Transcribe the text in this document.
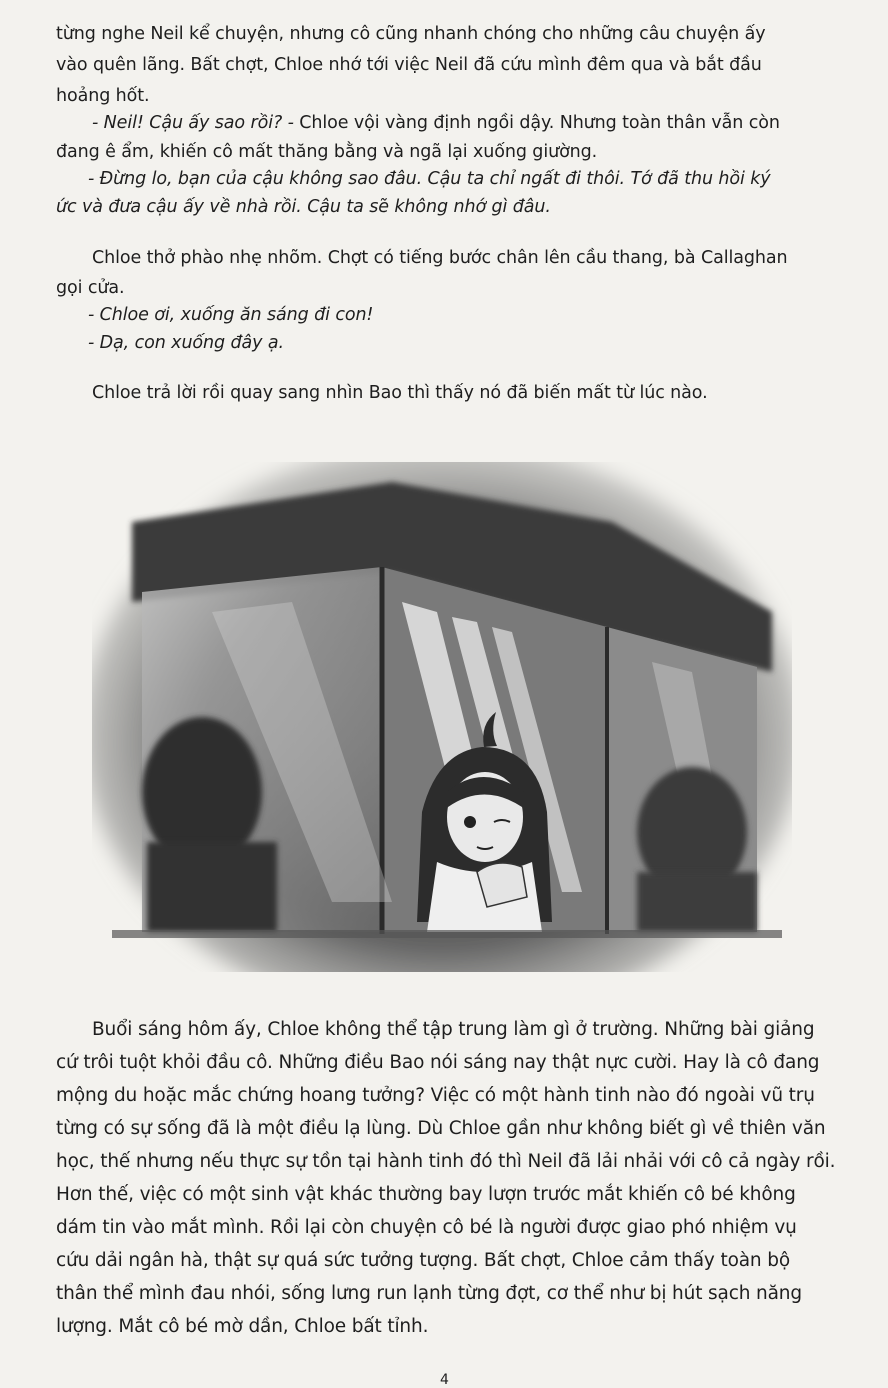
từng nghe Neil kể chuyện, nhưng cô cũng nhanh chóng cho những câu chuyện ấy
vào quên lãng. Bất chợt, Chloe nhớ tới việc Neil đã cứu mình đêm qua và bắt đầu
hoảng hốt.
- Neil! Cậu ấy sao rồi? - Chloe vội vàng định ngồi dậy. Nhưng toàn thân vẫn còn
đang ê ẩm, khiến cô mất thăng bằng và ngã lại xuống giường.
- Đừng lo, bạn của cậu không sao đâu. Cậu ta chỉ ngất đi thôi. Tớ đã thu hồi ký
ức và đưa cậu ấy về nhà rồi. Cậu ta sẽ không nhớ gì đâu.
Chloe thở phào nhẹ nhõm. Chợt có tiếng bước chân lên cầu thang, bà Callaghan
gọi cửa.
- Chloe ơi, xuống ăn sáng đi con!
- Dạ, con xuống đây ạ.
Chloe trả lời rồi quay sang nhìn Bao thì thấy nó đã biến mất từ lúc nào.
Buổi sáng hôm ấy, Chloe không thể tập trung làm gì ở trường. Những bài giảng
cứ trôi tuột khỏi đầu cô. Những điều Bao nói sáng nay thật nực cười. Hay là cô đang
mộng du hoặc mắc chứng hoang tưởng? Việc có một hành tinh nào đó ngoài vũ trụ
từng có sự sống đã là một điều lạ lùng. Dù Chloe gần như không biết gì về thiên văn
học, thế nhưng nếu thực sự tồn tại hành tinh đó thì Neil đã lải nhải với cô cả ngày rồi.
Hơn thế, việc có một sinh vật khác thường bay lượn trước mắt khiến cô bé không
dám tin vào mắt mình. Rồi lại còn chuyện cô bé là người được giao phó nhiệm vụ
cứu dải ngân hà, thật sự quá sức tưởng tượng. Bất chợt, Chloe cảm thấy toàn bộ
thân thể mình đau nhói, sống lưng run lạnh từng đợt, cơ thể như bị hút sạch năng
lượng. Mắt cô bé mờ dần, Chloe bất tỉnh.
4
